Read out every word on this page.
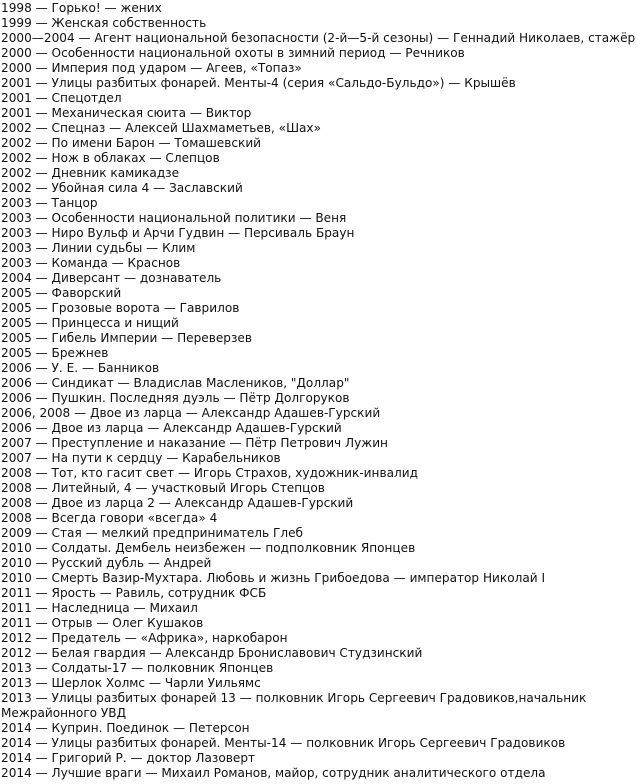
1998 — Горько! — жених
1999 — Женская собственность
2000—2004 — Агент национальной безопасности (2-й—5-й сезоны) — Геннадий Николаев, стажёр
2000 — Особенности национальной охоты в зимний период — Речников
2000 — Империя под ударом — Агеев, «Топаз»
2001 — Улицы разбитых фонарей. Менты-4 (серия «Сальдо-Бульдо») — Крышёв
2001 — Спецотдел
2001 — Механическая сюита — Виктор
2002 — Спецназ — Алексей Шахмаметьев, «Шах»
2002 — По имени Барон — Томашевский
2002 — Нож в облаках — Слепцов
2002 — Дневник камикадзе
2002 — Убойная сила 4 — Заславский
2003 — Танцор
2003 — Особенности национальной политики — Веня
2003 — Ниро Вульф и Арчи Гудвин — Персиваль Браун
2003 — Линии судьбы — Клим
2003 — Команда — Краснов
2004 — Диверсант — дознаватель
2005 — Фаворский
2005 — Грозовые ворота — Гаврилов
2005 — Принцесса и нищий
2005 — Гибель Империи — Переверзев
2005 — Брежнев
2006 — У. Е. — Банников
2006 — Синдикат — Владислав Маслеников, "Доллар"
2006 — Пушкин. Последняя дуэль — Пётр Долгоруков
2006, 2008 — Двое из ларца — Александр Адашев-Гурский
2006 — Двое из ларца — Александр Адашев-Гурский
2007 — Преступление и наказание — Пётр Петрович Лужин
2007 — На пути к сердцу — Карабельников
2008 — Тот, кто гасит свет — Игорь Страхов, художник-инвалид
2008 — Литейный, 4 — участковый Игорь Степцов
2008 — Двое из ларца 2 — Александр Адашев-Гурский
2008 — Всегда говори «всегда» 4
2009 — Стая — мелкий предприниматель Глеб
2010 — Солдаты. Дембель неизбежен — подполковник Японцев
2010 — Русский дубль — Андрей
2010 — Смерть Вазир-Мухтара. Любовь и жизнь Грибоедова — император Николай I
2011 — Ярость — Равиль, сотрудник ФСБ
2011 — Наследница — Михаил
2011 — Отрыв — Олег Кушаков
2012 — Предатель — «Африка», наркобарон
2012 — Белая гвардия — Александр Брониславович Студзинский
2013 — Солдаты-17 — полковник Японцев
2013 — Шерлок Холмс — Чарли Уильямс
2013 — Улицы разбитых фонарей 13 — полковник Игорь Сергеевич Градовиков,начальник Межрайонного УВД
2014 — Куприн. Поединок — Петерсон
2014 — Улицы разбитых фонарей. Менты-14 — полковник Игорь Сергеевич Градовиков
2014 — Григорий Р. — доктор Лазоверт
2014 — Лучшие враги — Михаил Романов, майор, сотрудник аналитического отдела
